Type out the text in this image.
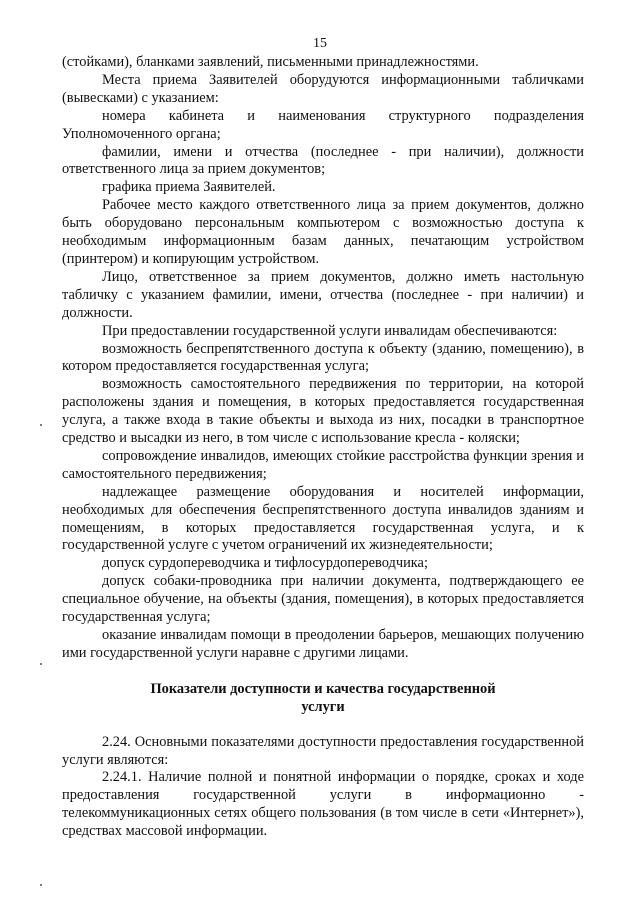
15

(стойками), бланками заявлений, письменными принадлежностями.

Места приема Заявителей оборудуются информационными табличками (вывесками) с указанием:

номера кабинета и наименования структурного подразделения Уполномоченного органа;

фамилии, имени и отчества (последнее - при наличии), должности ответственного лица за прием документов;

графика приема Заявителей.

Рабочее место каждого ответственного лица за прием документов, должно быть оборудовано персональным компьютером с возможностью доступа к необходимым информационным базам данных, печатающим устройством (принтером) и копирующим устройством.

Лицо, ответственное за прием документов, должно иметь настольную табличку с указанием фамилии, имени, отчества (последнее - при наличии) и должности.

При предоставлении государственной услуги инвалидам обеспечиваются:

возможность беспрепятственного доступа к объекту (зданию, помещению), в котором предоставляется государственная услуга;

возможность самостоятельного передвижения по территории, на которой расположены здания и помещения, в которых предоставляется государственная услуга, а также входа в такие объекты и выхода из них, посадки в транспортное средство и высадки из него, в том числе с использование кресла - коляски;

сопровождение инвалидов, имеющих стойкие расстройства функции зрения и самостоятельного передвижения;

надлежащее размещение оборудования и носителей информации, необходимых для обеспечения беспрепятственного доступа инвалидов зданиям и помещениям, в которых предоставляется государственная услуга, и к государственной услуге с учетом ограничений их жизнедеятельности;

допуск сурдопереводчика и тифлосурдопереводчика;

допуск собаки-проводника при наличии документа, подтверждающего ее специальное обучение, на объекты (здания, помещения), в которых предоставляется государственная услуга;

оказание инвалидам помощи в преодолении барьеров, мешающих получению ими государственной услуги наравне с другими лицами.

Показатели доступности и качества государственной
услуги

2.24. Основными показателями доступности предоставления государственной услуги являются:

2.24.1. Наличие полной и понятной информации о порядке, сроках и ходе предоставления государственной услуги в информационно - телекоммуникационных сетях общего пользования (в том числе в сети «Интернет»), средствах массовой информации.
